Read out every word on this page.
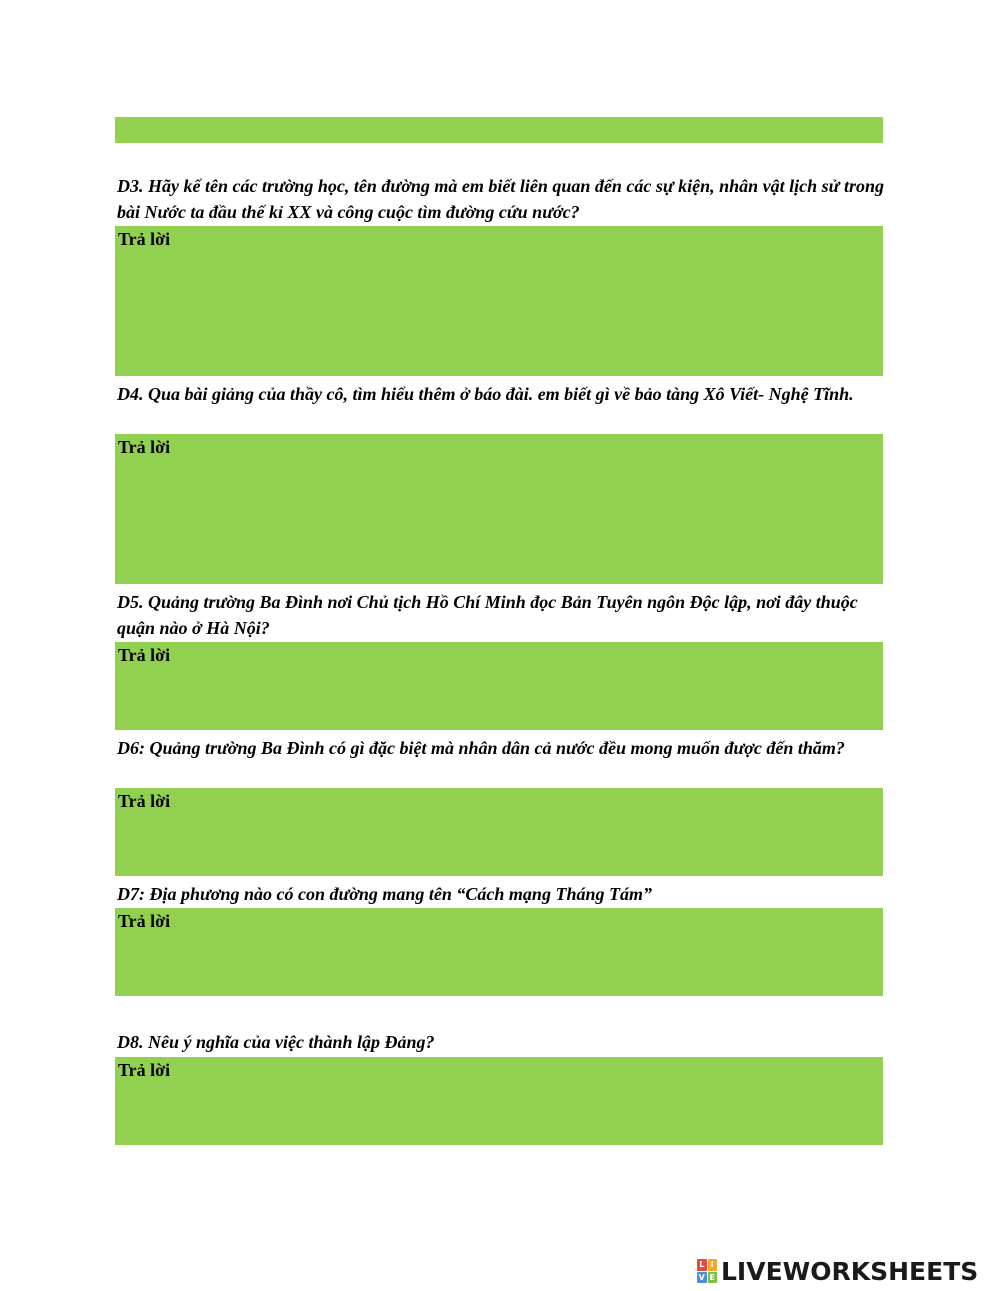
D3. Hãy kể tên các trường học, tên đường mà em biết liên quan đến các sự kiện, nhân vật lịch sử trong bài Nước ta đầu thế kỉ XX và công cuộc tìm đường cứu nước?
Trả lời
D4. Qua bài giảng của thầy cô, tìm hiểu thêm ở báo đài. em biết gì về bảo tàng Xô Viết- Nghệ Tĩnh.
Trả lời
D5. Quảng trường Ba Đình nơi Chủ tịch Hồ Chí Minh đọc Bản Tuyên ngôn Độc lập, nơi đây thuộc quận nào ở Hà Nội?
Trả lời
D6: Quảng trường Ba Đình có gì đặc biệt mà nhân dân cả nước đều mong muốn được đến thăm?
Trả lời
D7: Địa phương nào có con đường mang tên “Cách mạng Tháng Tám”
Trả lời
D8. Nêu ý nghĩa của việc thành lập Đảng?
Trả lời
L I
V E LIVEWORKSHEETS
